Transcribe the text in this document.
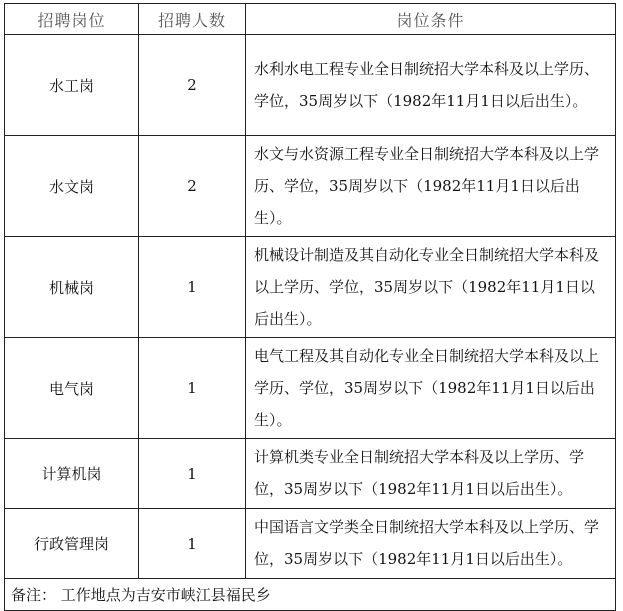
招聘岗位	招聘人数	岗位条件
水工岗	2	水利水电工程专业全日制统招大学本科及以上学历、学位，35周岁以下（1982年11月1日以后出生）。
水文岗	2	水文与水资源工程专业全日制统招大学本科及以上学历、学位，35周岁以下（1982年11月1日以后出生）。
机械岗	1	机械设计制造及其自动化专业全日制统招大学本科及以上学历、学位，35周岁以下（1982年11月1日以后出生）。
电气岗	1	电气工程及其自动化专业全日制统招大学本科及以上学历、学位，35周岁以下（1982年11月1日以后出生）。
计算机岗	1	计算机类专业全日制统招大学本科及以上学历、学位，35周岁以下（1982年11月1日以后出生）。
行政管理岗	1	中国语言文学类全日制统招大学本科及以上学历、学位，35周岁以下（1982年11月1日以后出生）。
备注： 工作地点为吉安市峡江县福民乡		
